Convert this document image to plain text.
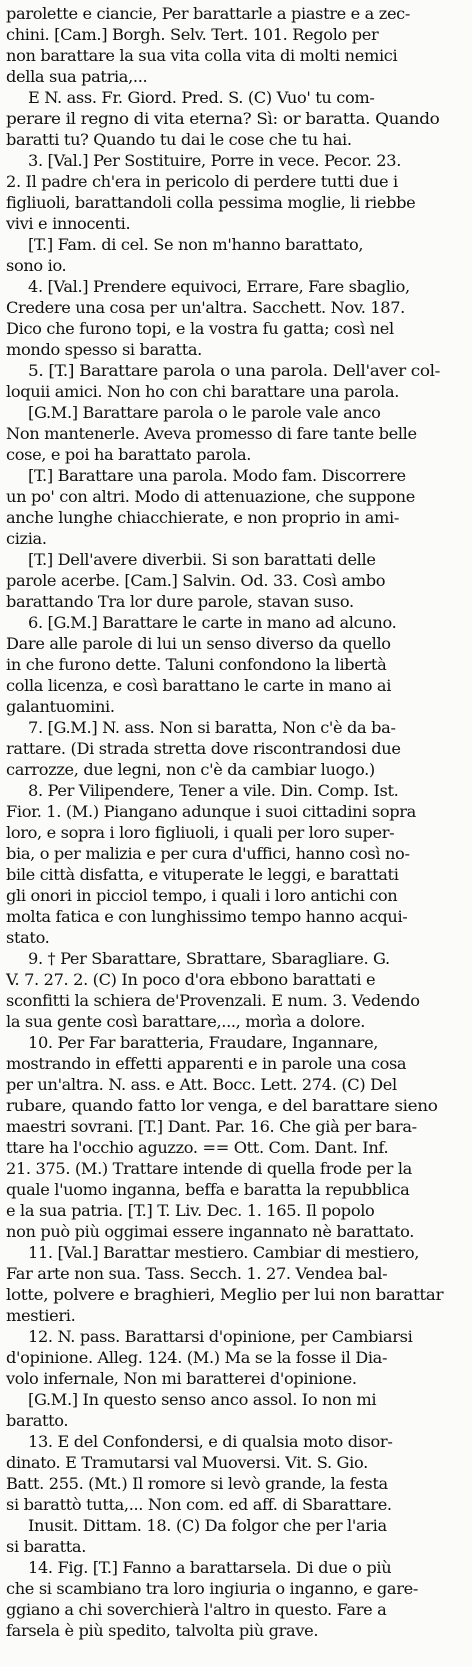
parolette e ciancie, Per barattarle a piastre e a zec-
chini. [Cam.] Borgh. Selv. Tert. 101. Regolo per
non barattare la sua vita colla vita di molti nemici
della sua patria,...
E N. ass. Fr. Giord. Pred. S. (C) Vuo' tu com-
perare il regno di vita eterna? Sì: or baratta. Quando
baratti tu? Quando tu dai le cose che tu hai.
3. [Val.] Per Sostituire, Porre in vece. Pecor. 23.
2. Il padre ch'era in pericolo di perdere tutti due i
figliuoli, barattandoli colla pessima moglie, li riebbe
vivi e innocenti.
[T.] Fam. di cel. Se non m'hanno barattato,
sono io.
4. [Val.] Prendere equivoci, Errare, Fare sbaglio,
Credere una cosa per un'altra. Sacchett. Nov. 187.
Dico che furono topi, e la vostra fu gatta; così nel
mondo spesso si baratta.
5. [T.] Barattare parola o una parola. Dell'aver col-
loquii amici. Non ho con chi barattare una parola.
[G.M.] Barattare parola o le parole vale anco
Non mantenerle. Aveva promesso di fare tante belle
cose, e poi ha barattato parola.
[T.] Barattare una parola. Modo fam. Discorrere
un po' con altri. Modo di attenuazione, che suppone
anche lunghe chiacchierate, e non proprio in ami-
cizia.
[T.] Dell'avere diverbii. Si son barattati delle
parole acerbe. [Cam.] Salvin. Od. 33. Così ambo
barattando Tra lor dure parole, stavan suso.
6. [G.M.] Barattare le carte in mano ad alcuno.
Dare alle parole di lui un senso diverso da quello
in che furono dette. Taluni confondono la libertà
colla licenza, e così barattano le carte in mano ai
galantuomini.
7. [G.M.] N. ass. Non si baratta, Non c'è da ba-
rattare. (Di strada stretta dove riscontrandosi due
carrozze, due legni, non c'è da cambiar luogo.)
8. Per Vilipendere, Tener a vile. Din. Comp. Ist.
Fior. 1. (M.) Piangano adunque i suoi cittadini sopra
loro, e sopra i loro figliuoli, i quali per loro super-
bia, o per malizia e per cura d'uffici, hanno così no-
bile città disfatta, e vituperate le leggi, e barattati
gli onori in picciol tempo, i quali i loro antichi con
molta fatica e con lunghissimo tempo hanno acqui-
stato.
9. † Per Sbarattare, Sbrattare, Sbaragliare. G.
V. 7. 27. 2. (C) In poco d'ora ebbono barattati e
sconfitti la schiera de'Provenzali. E num. 3. Vedendo
la sua gente così barattare,..., morìa a dolore.
10. Per Far baratteria, Fraudare, Ingannare,
mostrando in effetti apparenti e in parole una cosa
per un'altra. N. ass. e Att. Bocc. Lett. 274. (C) Del
rubare, quando fatto lor venga, e del barattare sieno
maestri sovrani. [T.] Dant. Par. 16. Che già per bara-
ttare ha l'occhio aguzzo. == Ott. Com. Dant. Inf.
21. 375. (M.) Trattare intende di quella frode per la
quale l'uomo inganna, beffa e baratta la repubblica
e la sua patria. [T.] T. Liv. Dec. 1. 165. Il popolo
non può più oggimai essere ingannato nè barattato.
11. [Val.] Barattar mestiero. Cambiar di mestiero,
Far arte non sua. Tass. Secch. 1. 27. Vendea bal-
lotte, polvere e braghieri, Meglio per lui non barattar
mestieri.
12. N. pass. Barattarsi d'opinione, per Cambiarsi
d'opinione. Alleg. 124. (M.) Ma se la fosse il Dia-
volo infernale, Non mi baratterei d'opinione.
[G.M.] In questo senso anco assol. Io non mi
baratto.
13. E del Confondersi, e di qualsia moto disor-
dinato. E Tramutarsi val Muoversi. Vit. S. Gio.
Batt. 255. (Mt.) Il romore si levò grande, la festa
si barattò tutta,... Non com. ed aff. di Sbarattare.
Inusit. Dittam. 18. (C) Da folgor che per l'aria
si baratta.
14. Fig. [T.] Fanno a barattarsela. Di due o più
che si scambiano tra loro ingiuria o inganno, e gare-
ggiano a chi soverchierà l'altro in questo. Fare a
farsela è più spedito, talvolta più grave.
